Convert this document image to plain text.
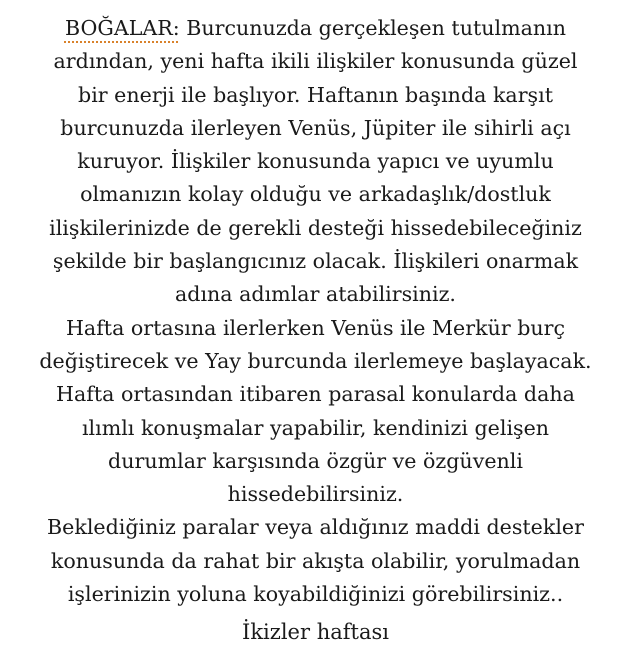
BOĞALAR: Burcunuzda gerçekleşen tutulmanın
ardından, yeni hafta ikili ilişkiler konusunda güzel
bir enerji ile başlıyor. Haftanın başında karşıt
burcunuzda ilerleyen Venüs, Jüpiter ile sihirli açı
kuruyor. İlişkiler konusunda yapıcı ve uyumlu
olmanızın kolay olduğu ve arkadaşlık/dostluk
ilişkilerinizde de gerekli desteği hissedebileceğiniz
şekilde bir başlangıcınız olacak. İlişkileri onarmak
adına adımlar atabilirsiniz.
Hafta ortasına ilerlerken Venüs ile Merkür burç
değiştirecek ve Yay burcunda ilerlemeye başlayacak.
Hafta ortasından itibaren parasal konularda daha
ılımlı konuşmalar yapabilir, kendinizi gelişen
durumlar karşısında özgür ve özgüvenli
hissedebilirsiniz.
Beklediğiniz paralar veya aldığınız maddi destekler
konusunda da rahat bir akışta olabilir, yorulmadan
işlerinizin yoluna koyabildiğinizi görebilirsiniz..
İkizler haftası
